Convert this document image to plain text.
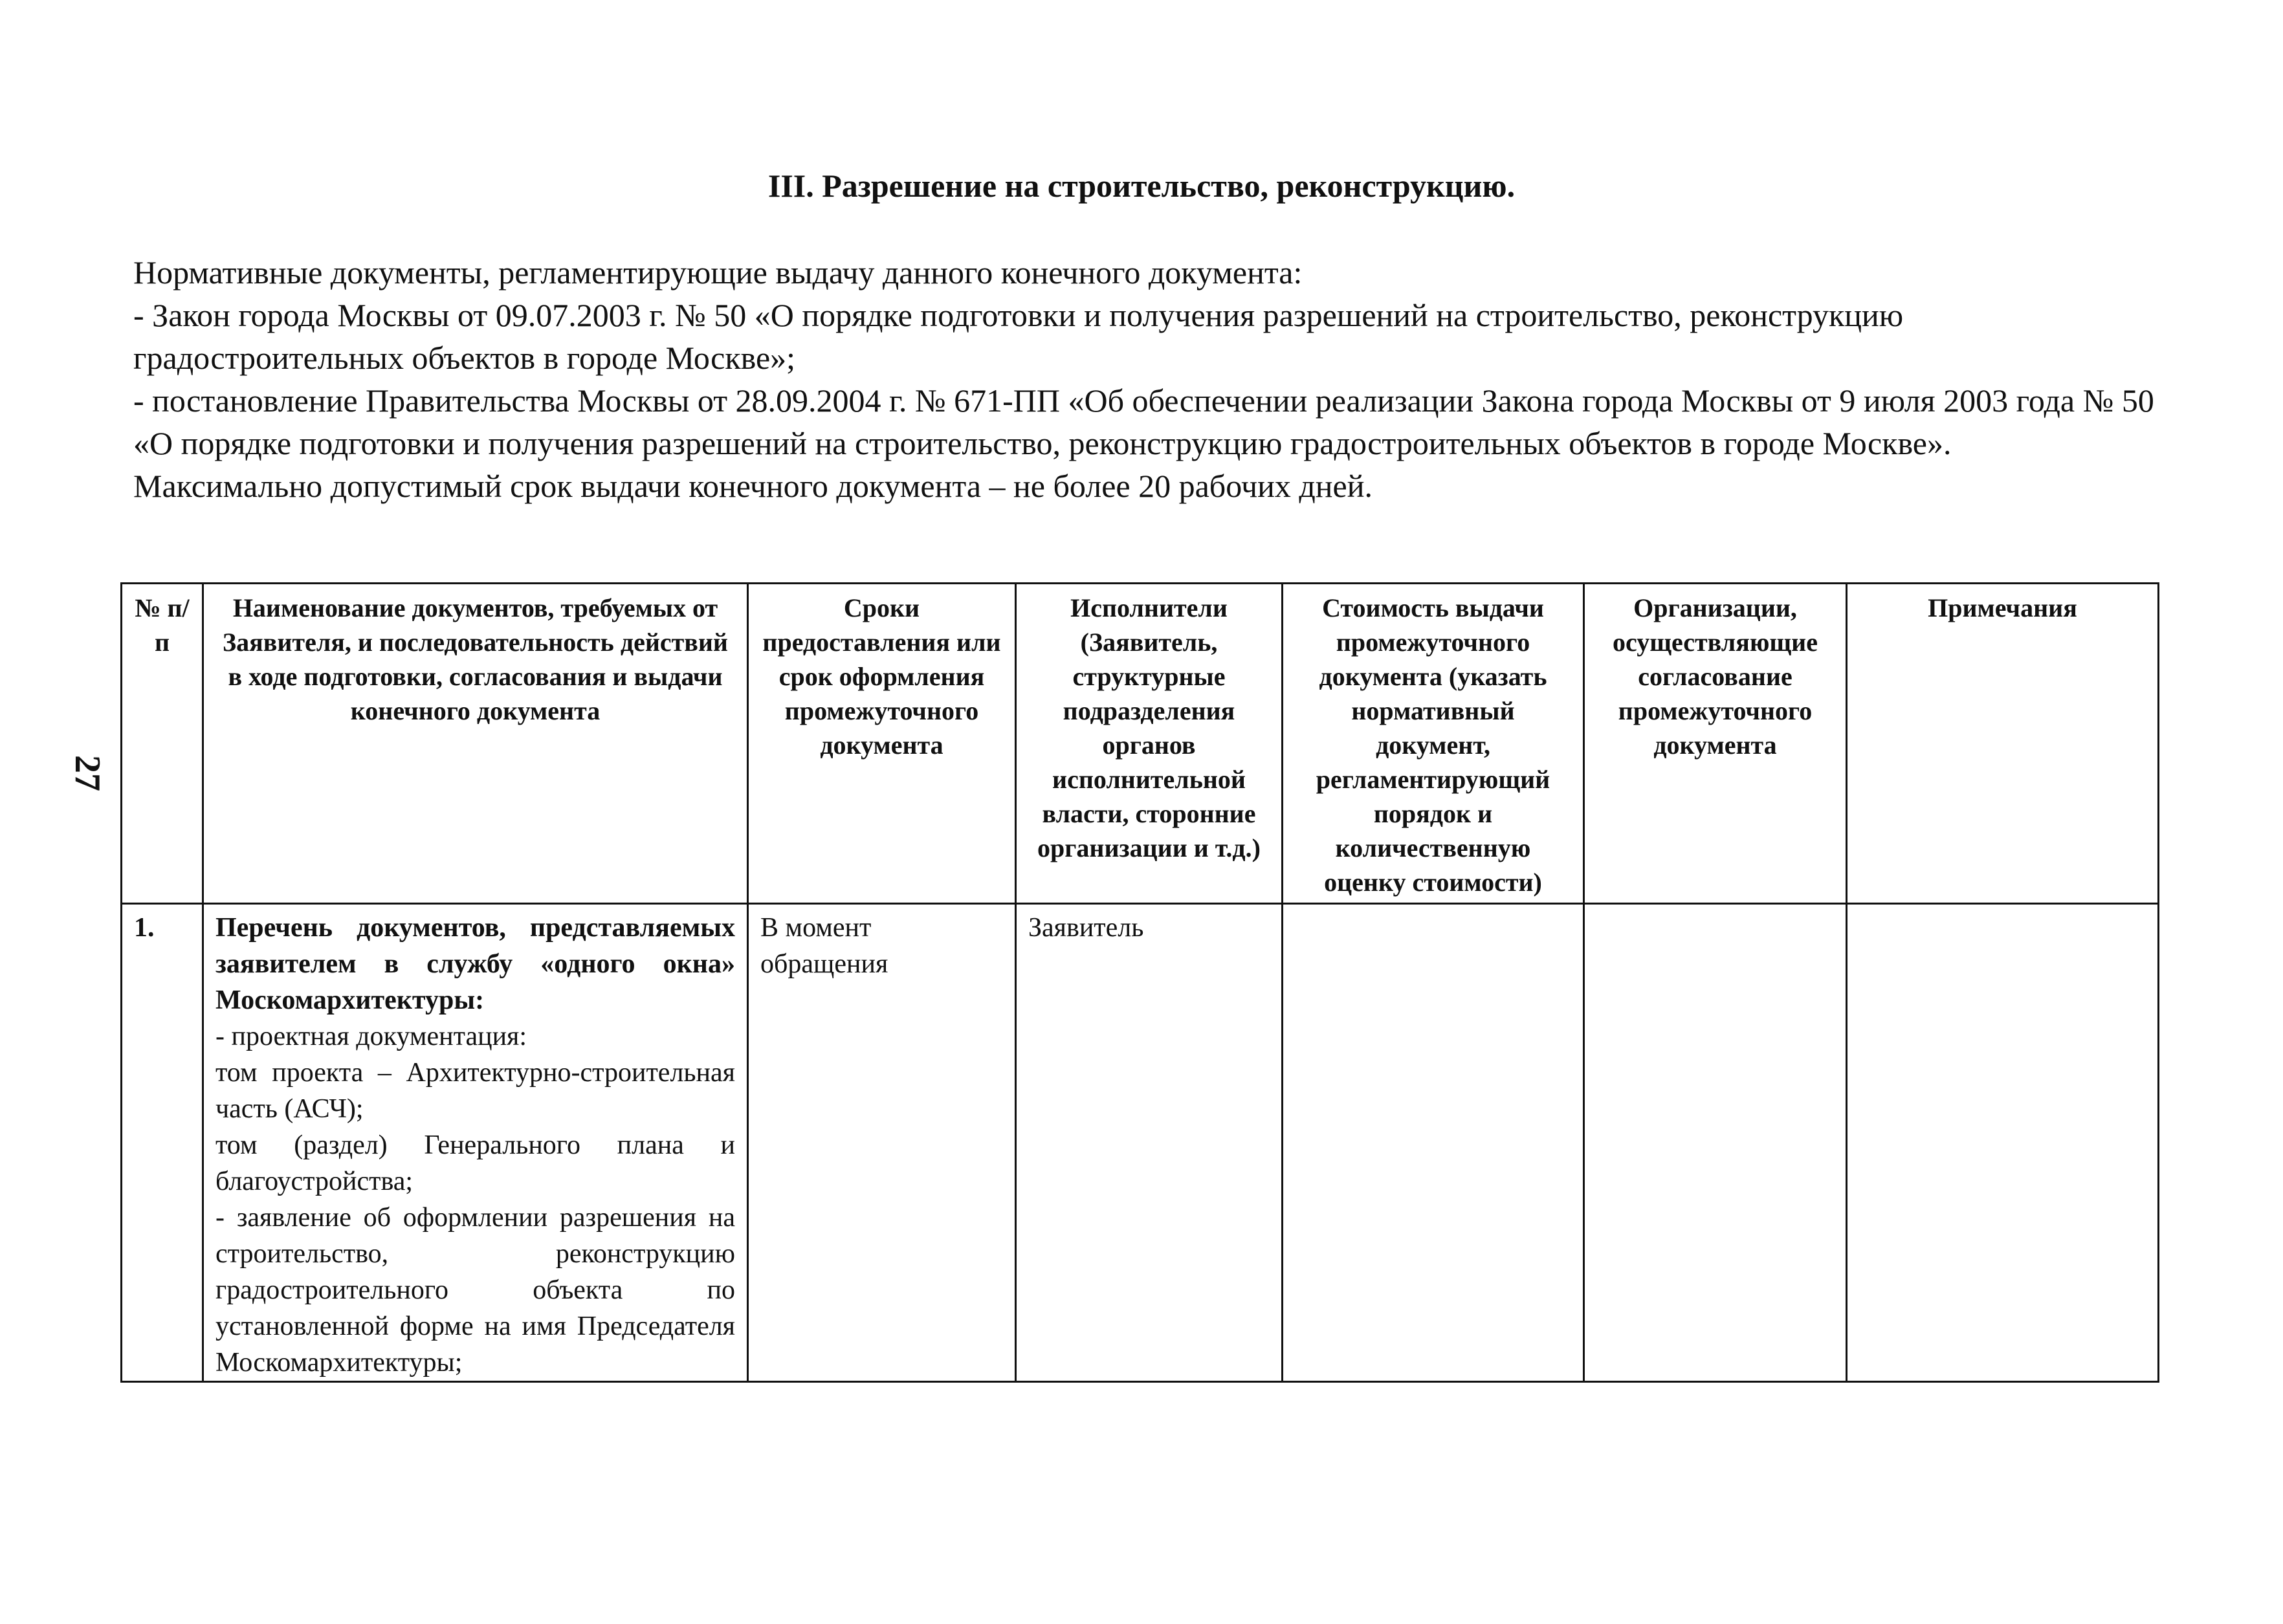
27
III. Разрешение на строительство, реконструкцию.

Нормативные документы, регламентирующие выдачу данного конечного документа:

- Закон города Москвы от 09.07.2003 г. № 50 «О порядке подготовки и получения разрешений на строительство, реконструкцию градостроительных объектов в городе Москве»;

- постановление Правительства Москвы от 28.09.2004 г. № 671-ПП «Об обеспечении реализации Закона города Москвы от 9 июля 2003 года № 50 «О порядке подготовки и получения разрешений на строительство, реконструкцию градостроительных объектов в городе Москве».

Максимально допустимый срок выдачи конечного документа – не более 20 рабочих дней.

№ п/п	Наименование документов, требуемых от Заявителя, и последовательность действий в ходе подготовки, согласования и выдачи конечного документа	Сроки предоставления или срок оформления промежуточного документа	Исполнители (Заявитель, структурные подразделения органов исполнительной власти, сторонние организации и т.д.)	Стоимость выдачи промежуточного документа (указать нормативный документ, регламентирующий порядок и количественную оценку стоимости)	Организации, осуществляющие согласование промежуточного документа	Примечания
1.	Перечень документов, представляемых заявителем в службу «одного окна» Москомархитектуры:
- проектная документация:
том проекта – Архитектурно-строительная часть (АСЧ);
том (раздел) Генерального плана и благоустройства;
- заявление об оформлении разрешения на строительство, реконструкцию градостроительного объекта по установленной форме на имя Председателя Москомархитектуры;	В момент обращения	Заявитель			
